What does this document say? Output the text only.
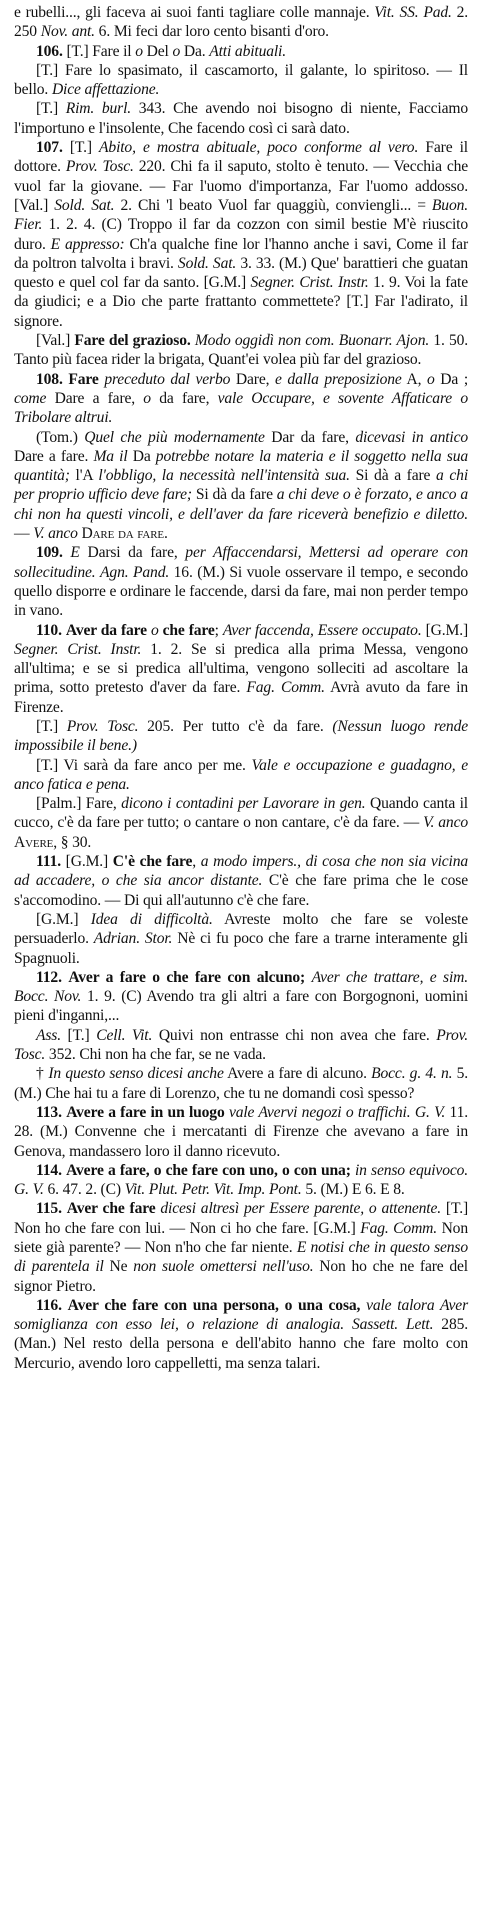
e rubelli..., gli faceva ai suoi fanti tagliare colle mannaje. Vit. SS. Pad. 2. 250 Nov. ant. 6. Mi feci dar loro cento bisanti d'oro.

106. [T.] Fare il o Del o Da. Atti abituali.

[T.] Fare lo spasimato, il cascamorto, il galante, lo spiritoso. — Il bello. Dice affettazione.

[T.] Rim. burl. 343. Che avendo noi bisogno di niente, Facciamo l'importuno e l'insolente, Che facendo così ci sarà dato.

107. [T.] Abito, e mostra abituale, poco conforme al vero. Fare il dottore. Prov. Tosc. 220. Chi fa il saputo, stolto è tenuto. — Vecchia che vuol far la giovane. — Far l'uomo d'importanza, Far l'uomo addosso. [Val.] Sold. Sat. 2. Chi 'l beato Vuol far quaggiù, conviengli... = Buon. Fier. 1. 2. 4. (C) Troppo il far da cozzon con simil bestie M'è riuscito duro. E appresso: Ch'a qualche fine lor l'hanno anche i savi, Come il far da poltron talvolta i bravi. Sold. Sat. 3. 33. (M.) Que' barattieri che guatan questo e quel col far da santo. [G.M.] Segner. Crist. Instr. 1. 9. Voi la fate da giudici; e a Dio che parte frattanto commettete? [T.] Far l'adirato, il signore.

[Val.] Fare del grazioso. Modo oggidì non com. Buonarr. Ajon. 1. 50. Tanto più facea rider la brigata, Quant'ei volea più far del grazioso.

108. Fare preceduto dal verbo Dare, e dalla preposizione A, o Da ; come Dare a fare, o da fare, vale Occupare, e sovente Affaticare o Tribolare altrui.

(Tom.) Quel che più modernamente Dar da fare, dicevasi in antico Dare a fare. Ma il Da potrebbe notare la materia e il soggetto nella sua quantità; l'A l'obbligo, la necessità nell'intensità sua. Si dà a fare a chi per proprio ufficio deve fare; Si dà da fare a chi deve o è forzato, e anco a chi non ha questi vincoli, e dell'aver da fare riceverà benefizio e diletto. — V. anco Dare da fare.

109. E Darsi da fare, per Affaccendarsi, Mettersi ad operare con sollecitudine. Agn. Pand. 16. (M.) Si vuole osservare il tempo, e secondo quello disporre e ordinare le faccende, darsi da fare, mai non perder tempo in vano.

110. Aver da fare o che fare; Aver faccenda, Essere occupato. [G.M.] Segner. Crist. Instr. 1. 2. Se si predica alla prima Messa, vengono all'ultima; e se si predica all'ultima, vengono solleciti ad ascoltare la prima, sotto pretesto d'aver da fare. Fag. Comm. Avrà avuto da fare in Firenze.

[T.] Prov. Tosc. 205. Per tutto c'è da fare. (Nessun luogo rende impossibile il bene.)

[T.] Vi sarà da fare anco per me. Vale e occupazione e guadagno, e anco fatica e pena.

[Palm.] Fare, dicono i contadini per Lavorare in gen. Quando canta il cucco, c'è da fare per tutto; o cantare o non cantare, c'è da fare. — V. anco Avere, § 30.

111. [G.M.] C'è che fare, a modo impers., di cosa che non sia vicina ad accadere, o che sia ancor distante. C'è che fare prima che le cose s'accomodino. — Di qui all'autunno c'è che fare.

[G.M.] Idea di difficoltà. Avreste molto che fare se voleste persuaderlo. Adrian. Stor. Nè ci fu poco che fare a trarne interamente gli Spagnuoli.

112. Aver a fare o che fare con alcuno; Aver che trattare, e sim. Bocc. Nov. 1. 9. (C) Avendo tra gli altri a fare con Borgognoni, uomini pieni d'inganni,...

Ass. [T.] Cell. Vit. Quivi non entrasse chi non avea che fare. Prov. Tosc. 352. Chi non ha che far, se ne vada.

† In questo senso dicesi anche Avere a fare di alcuno. Bocc. g. 4. n. 5. (M.) Che hai tu a fare di Lorenzo, che tu ne domandi così spesso?

113. Avere a fare in un luogo vale Avervi negozi o traffichi. G. V. 11. 28. (M.) Convenne che i mercatanti di Firenze che avevano a fare in Genova, mandassero loro il danno ricevuto.

114. Avere a fare, o che fare con uno, o con una; in senso equivoco. G. V. 6. 47. 2. (C) Vit. Plut. Petr. Vit. Imp. Pont. 5. (M.) E 6. E 8.

115. Aver che fare dicesi altresì per Essere parente, o attenente. [T.] Non ho che fare con lui. — Non ci ho che fare. [G.M.] Fag. Comm. Non siete già parente? — Non n'ho che far niente. E notisi che in questo senso di parentela il Ne non suole omettersi nell'uso. Non ho che ne fare del signor Pietro.

116. Aver che fare con una persona, o una cosa, vale talora Aver somiglianza con esso lei, o relazione di analogia. Sassett. Lett. 285. (Man.) Nel resto della persona e dell'abito hanno che fare molto con Mercurio, avendo loro cappelletti, ma senza talari.
